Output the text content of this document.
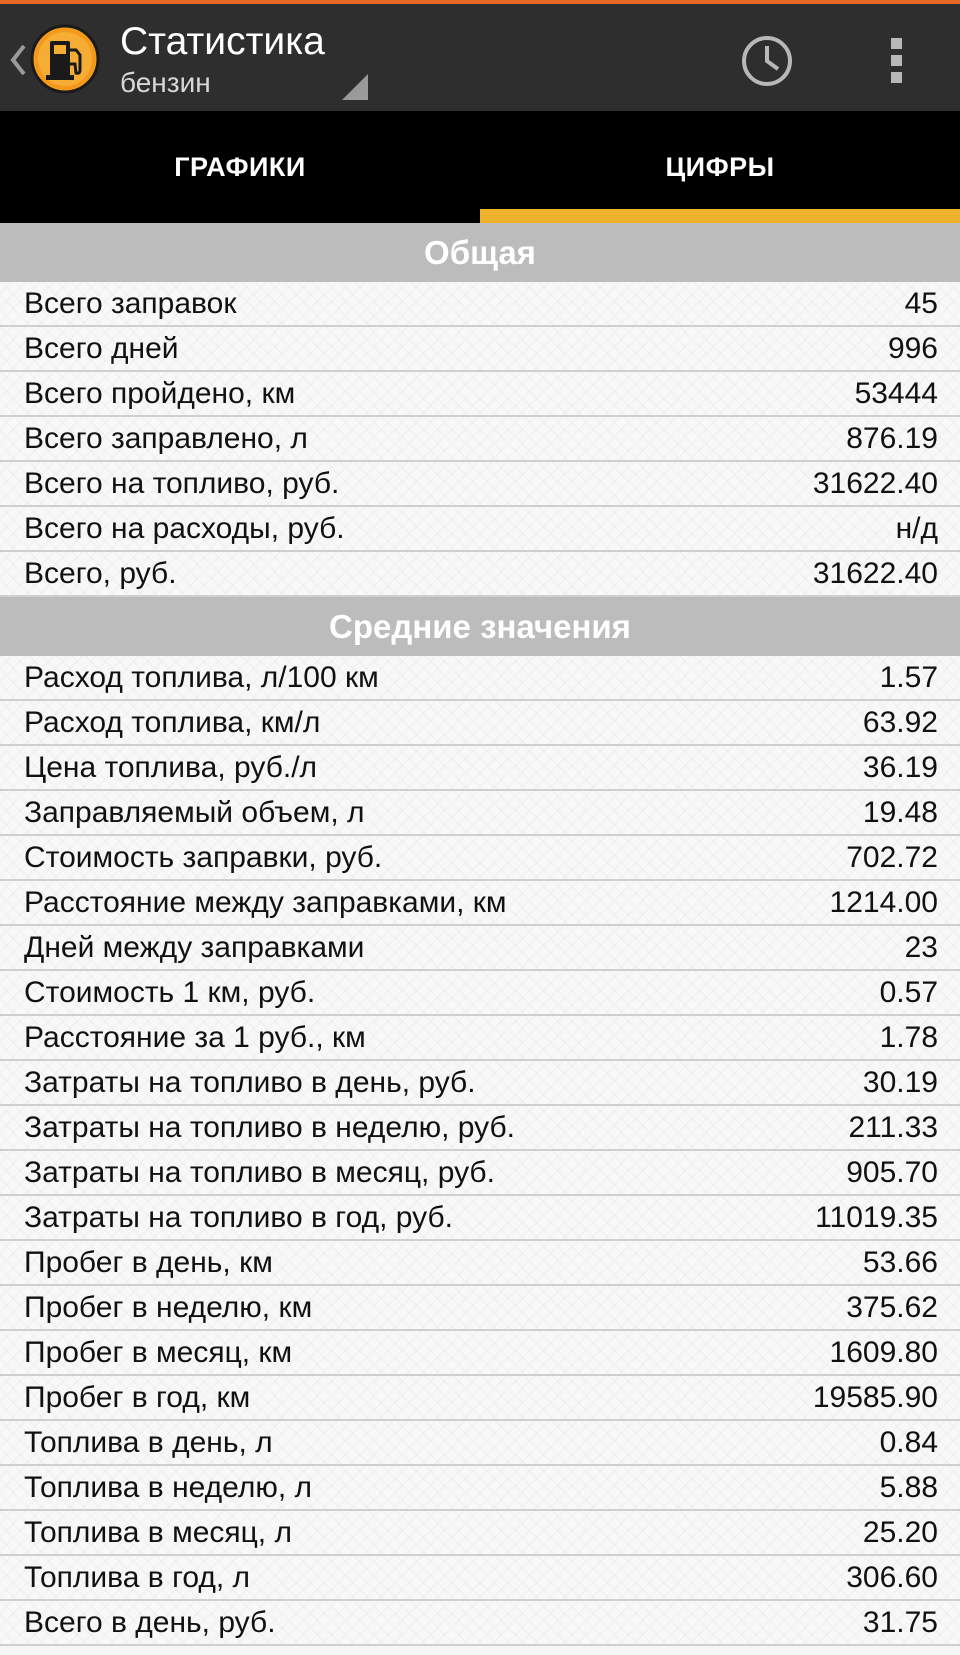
Статистика
бензин
ГРАФИКИ	ЦИФРЫ
Общая
Всего заправок	45
Всего дней	996
Всего пройдено, км	53444
Всего заправлено, л	876.19
Всего на топливо, руб.	31622.40
Всего на расходы, руб.	н/д
Всего, руб.	31622.40
Средние значения
Расход топлива, л/100 км	1.57
Расход топлива, км/л	63.92
Цена топлива, руб./л	36.19
Заправляемый объем, л	19.48
Стоимость заправки, руб.	702.72
Расстояние между заправками, км	1214.00
Дней между заправками	23
Стоимость 1 км, руб.	0.57
Расстояние за 1 руб., км	1.78
Затраты на топливо в день, руб.	30.19
Затраты на топливо в неделю, руб.	211.33
Затраты на топливо в месяц, руб.	905.70
Затраты на топливо в год, руб.	11019.35
Пробег в день, км	53.66
Пробег в неделю, км	375.62
Пробег в месяц, км	1609.80
Пробег в год, км	19585.90
Топлива в день, л	0.84
Топлива в неделю, л	5.88
Топлива в месяц, л	25.20
Топлива в год, л	306.60
Всего в день, руб.	31.75
